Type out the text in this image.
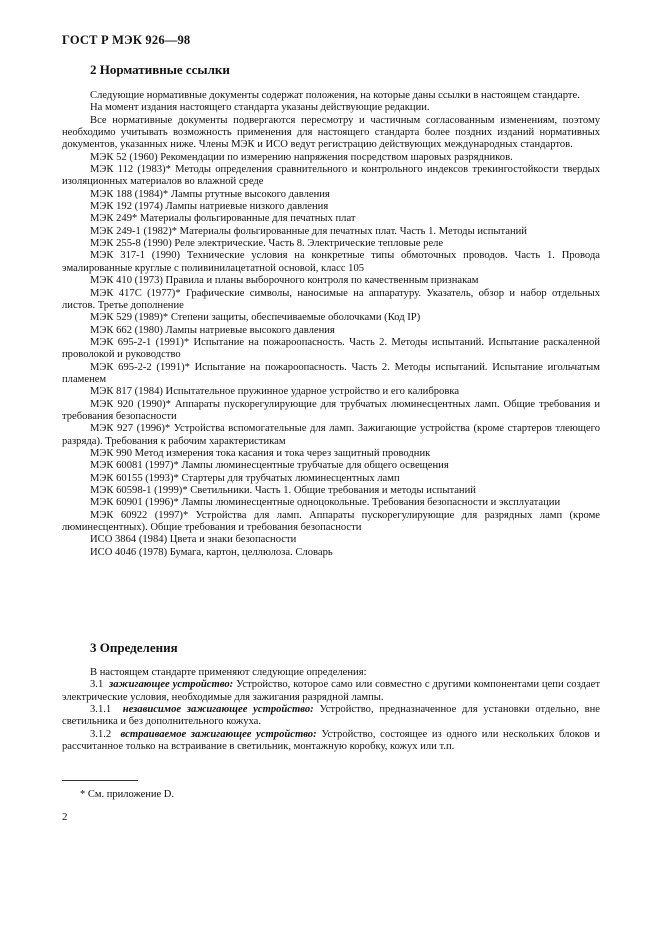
ГОСТ Р МЭК 926—98
2 Нормативные ссылки

Следующие нормативные документы содержат положения, на которые даны ссылки в настоящем стандарте.

На момент издания настоящего стандарта указаны действующие редакции.

Все нормативные документы подвергаются пересмотру и частичным согласованным изменениям, поэтому необходимо учитывать возможность применения для настоящего стандарта более поздних изданий нормативных документов, указанных ниже. Члены МЭК и ИСО ведут регистрацию действующих международных стандартов.

МЭК 52 (1960) Рекомендации по измерению напряжения посредством шаровых разрядников.

МЭК 112 (1983)* Методы определения сравнительного и контрольного индексов трекингостойкости твердых изоляционных материалов во влажной среде

МЭК 188 (1984)* Лампы ртутные высокого давления

МЭК 192 (1974) Лампы натриевые низкого давления

МЭК 249* Материалы фольгированные для печатных плат

МЭК 249-1 (1982)* Материалы фольгированные для печатных плат. Часть 1. Методы испытаний

МЭК 255-8 (1990) Реле электрические. Часть 8. Электрические тепловые реле

МЭК 317-1 (1990) Технические условия на конкретные типы обмоточных проводов. Часть 1. Провода эмалированные круглые с поливинилацетатной основой, класс 105

МЭК 410 (1973) Правила и планы выборочного контроля по качественным признакам

МЭК 417С (1977)* Графические символы, наносимые на аппаратуру. Указатель, обзор и набор отдельных листов. Третье дополнение

МЭК 529 (1989)* Степени защиты, обеспечиваемые оболочками (Код IP)

МЭК 662 (1980) Лампы натриевые высокого давления

МЭК 695-2-1 (1991)* Испытание на пожароопасность. Часть 2. Методы испытаний. Испытание раскаленной проволокой и руководство

МЭК 695-2-2 (1991)* Испытание на пожароопасность. Часть 2. Методы испытаний. Испытание игольчатым пламенем

МЭК 817 (1984) Испытательное пружинное ударное устройство и его калибровка

МЭК 920 (1990)* Аппараты пускорегулирующие для трубчатых люминесцентных ламп. Общие требования и требования безопасности

МЭК 927 (1996)* Устройства вспомогательные для ламп. Зажигающие устройства (кроме стартеров тлеющего разряда). Требования к рабочим характеристикам

МЭК 990 Метод измерения тока касания и тока через защитный проводник

МЭК 60081 (1997)* Лампы люминесцентные трубчатые для общего освещения

МЭК 60155 (1993)* Стартеры для трубчатых люминесцентных ламп

МЭК 60598-1 (1999)* Светильники. Часть 1. Общие требования и методы испытаний

МЭК 60901 (1996)* Лампы люминесцентные одноцокольные. Требования безопасности и эксплуатации

МЭК 60922 (1997)* Устройства для ламп. Аппараты пускорегулирующие для разрядных ламп (кроме люминесцентных). Общие требования и требования безопасности

ИСО 3864 (1984) Цвета и знаки безопасности

ИСО 4046 (1978) Бумага, картон, целлюлоза. Словарь

3 Определения

В настоящем стандарте применяют следующие определения:

3.1 зажигающее устройство: Устройство, которое само или совместно с другими компонентами цепи создает электрические условия, необходимые для зажигания разрядной лампы.

3.1.1 независимое зажигающее устройство: Устройство, предназначенное для установки отдельно, вне светильника и без дополнительного кожуха.

3.1.2 встраиваемое зажигающее устройство: Устройство, состоящее из одного или нескольких блоков и рассчитанное только на встраивание в светильник, монтажную коробку, кожух или т.п.

* См. приложение D.
2
